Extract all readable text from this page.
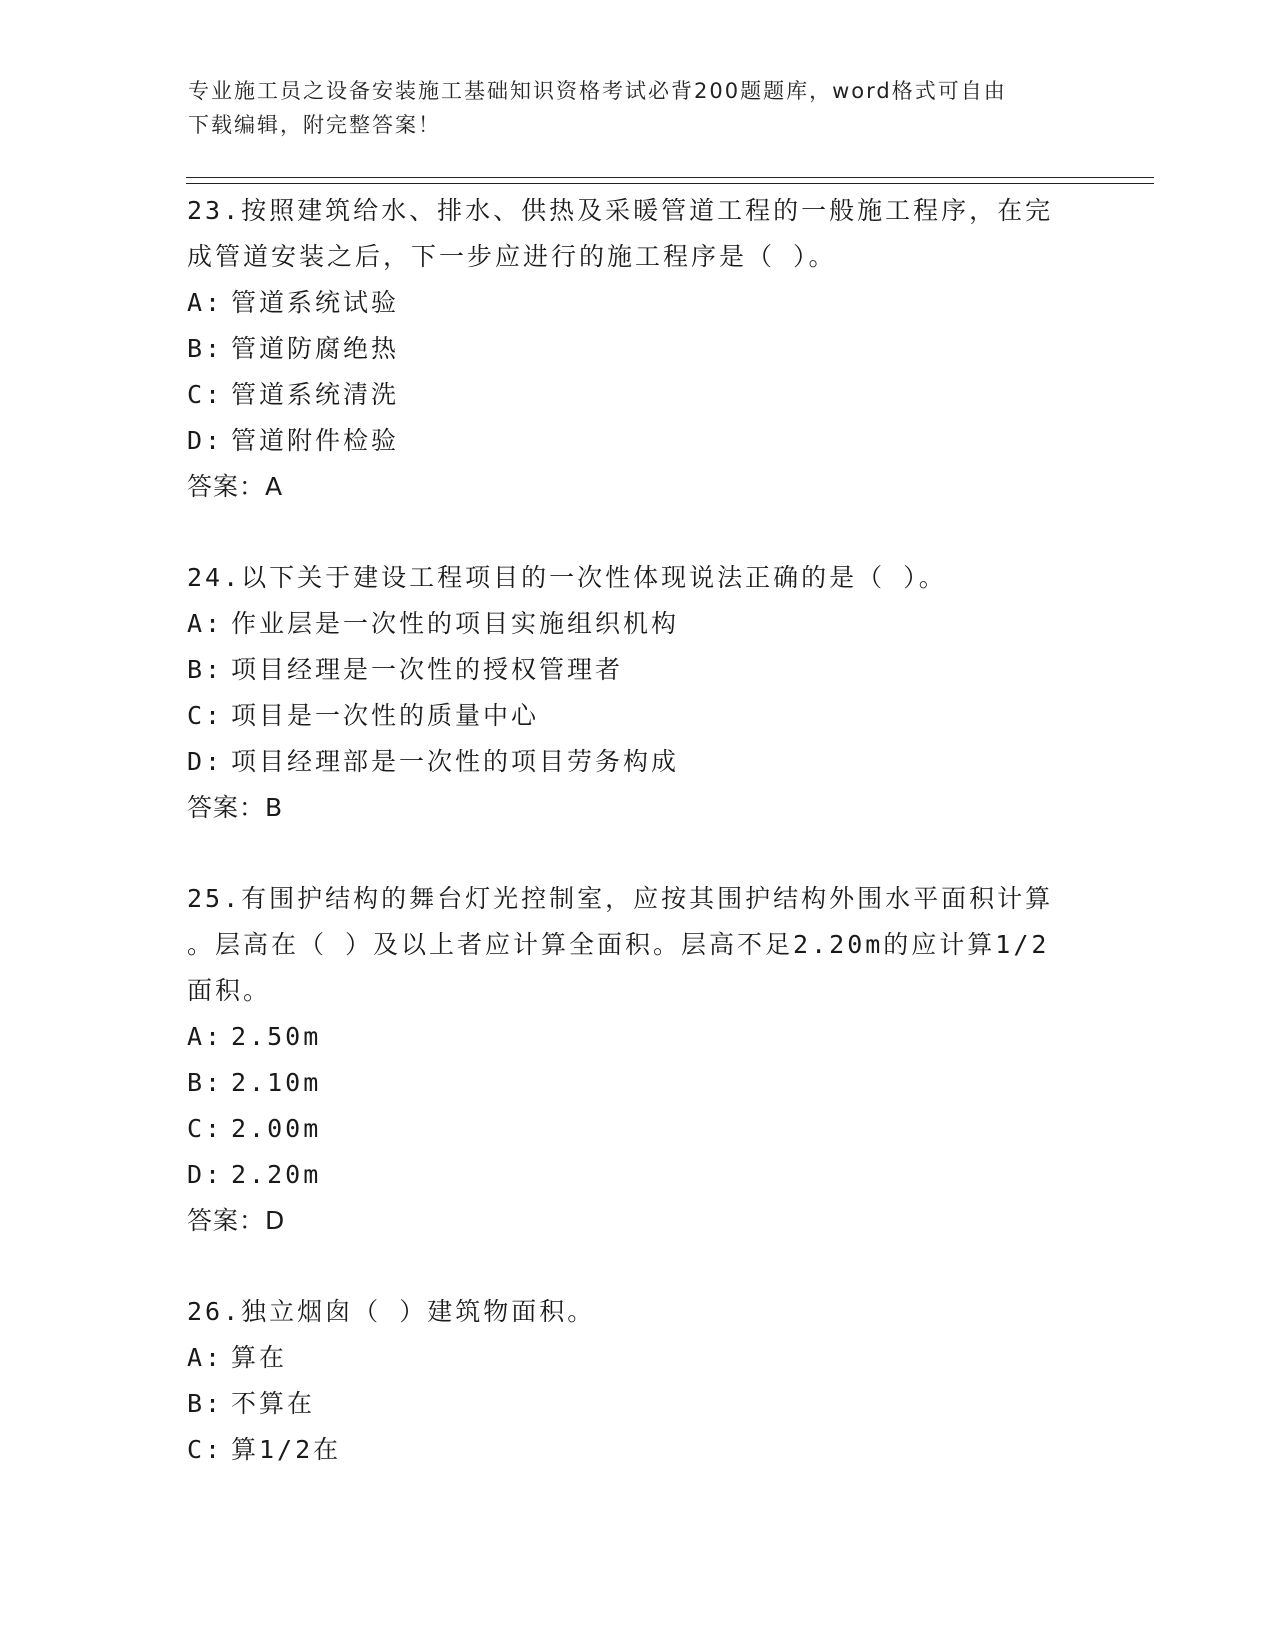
专业施工员之设备安装施工基础知识资格考试必背200题题库，word格式可自由
下载编辑，附完整答案！

23.按照建筑给水、排水、供热及采暖管道工程的一般施工程序，在完
成管道安装之后，下一步应进行的施工程序是（ ）。

A: 管道系统试验

B: 管道防腐绝热

C: 管道系统清洗

D: 管道附件检验

答案：A

24.以下关于建设工程项目的一次性体现说法正确的是（ ）。

A: 作业层是一次性的项目实施组织机构

B: 项目经理是一次性的授权管理者

C: 项目是一次性的质量中心

D: 项目经理部是一次性的项目劳务构成

答案：B

25.有围护结构的舞台灯光控制室，应按其围护结构外围水平面积计算
。层高在（ ）及以上者应计算全面积。层高不足2.20m的应计算1/2
面积。

A: 2.50m

B: 2.10m

C: 2.00m

D: 2.20m

答案：D

26.独立烟囱（ ）建筑物面积。

A: 算在

B: 不算在

C: 算1/2在
